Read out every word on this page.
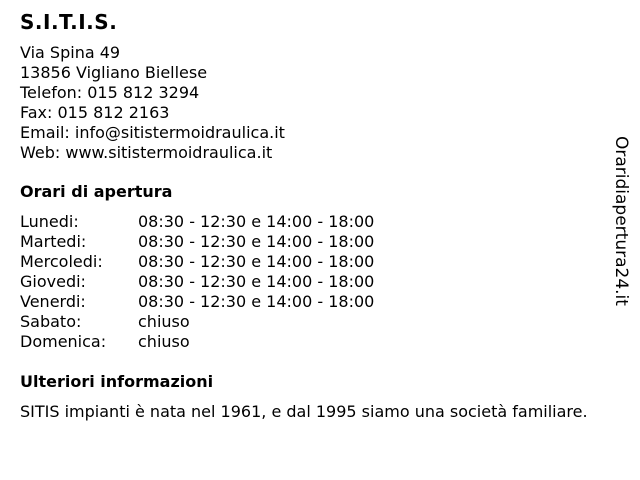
S.I.T.I.S.
Via Spina 49
13856 Vigliano Biellese
Telefon: 015 812 3294
Fax: 015 812 2163
Email: info@sitistermoidraulica.it
Web: www.sitistermoidraulica.it
Orari di apertura
Lunedi:	08:30 - 12:30 e 14:00 - 18:00
Martedi:	08:30 - 12:30 e 14:00 - 18:00
Mercoledi:	08:30 - 12:30 e 14:00 - 18:00
Giovedi:	08:30 - 12:30 e 14:00 - 18:00
Venerdi:	08:30 - 12:30 e 14:00 - 18:00
Sabato:	chiuso
Domenica:	chiuso
Ulteriori informazioni
SITIS impianti è nata nel 1961, e dal 1995 siamo una società familiare.
Oraridiapertura24.it
